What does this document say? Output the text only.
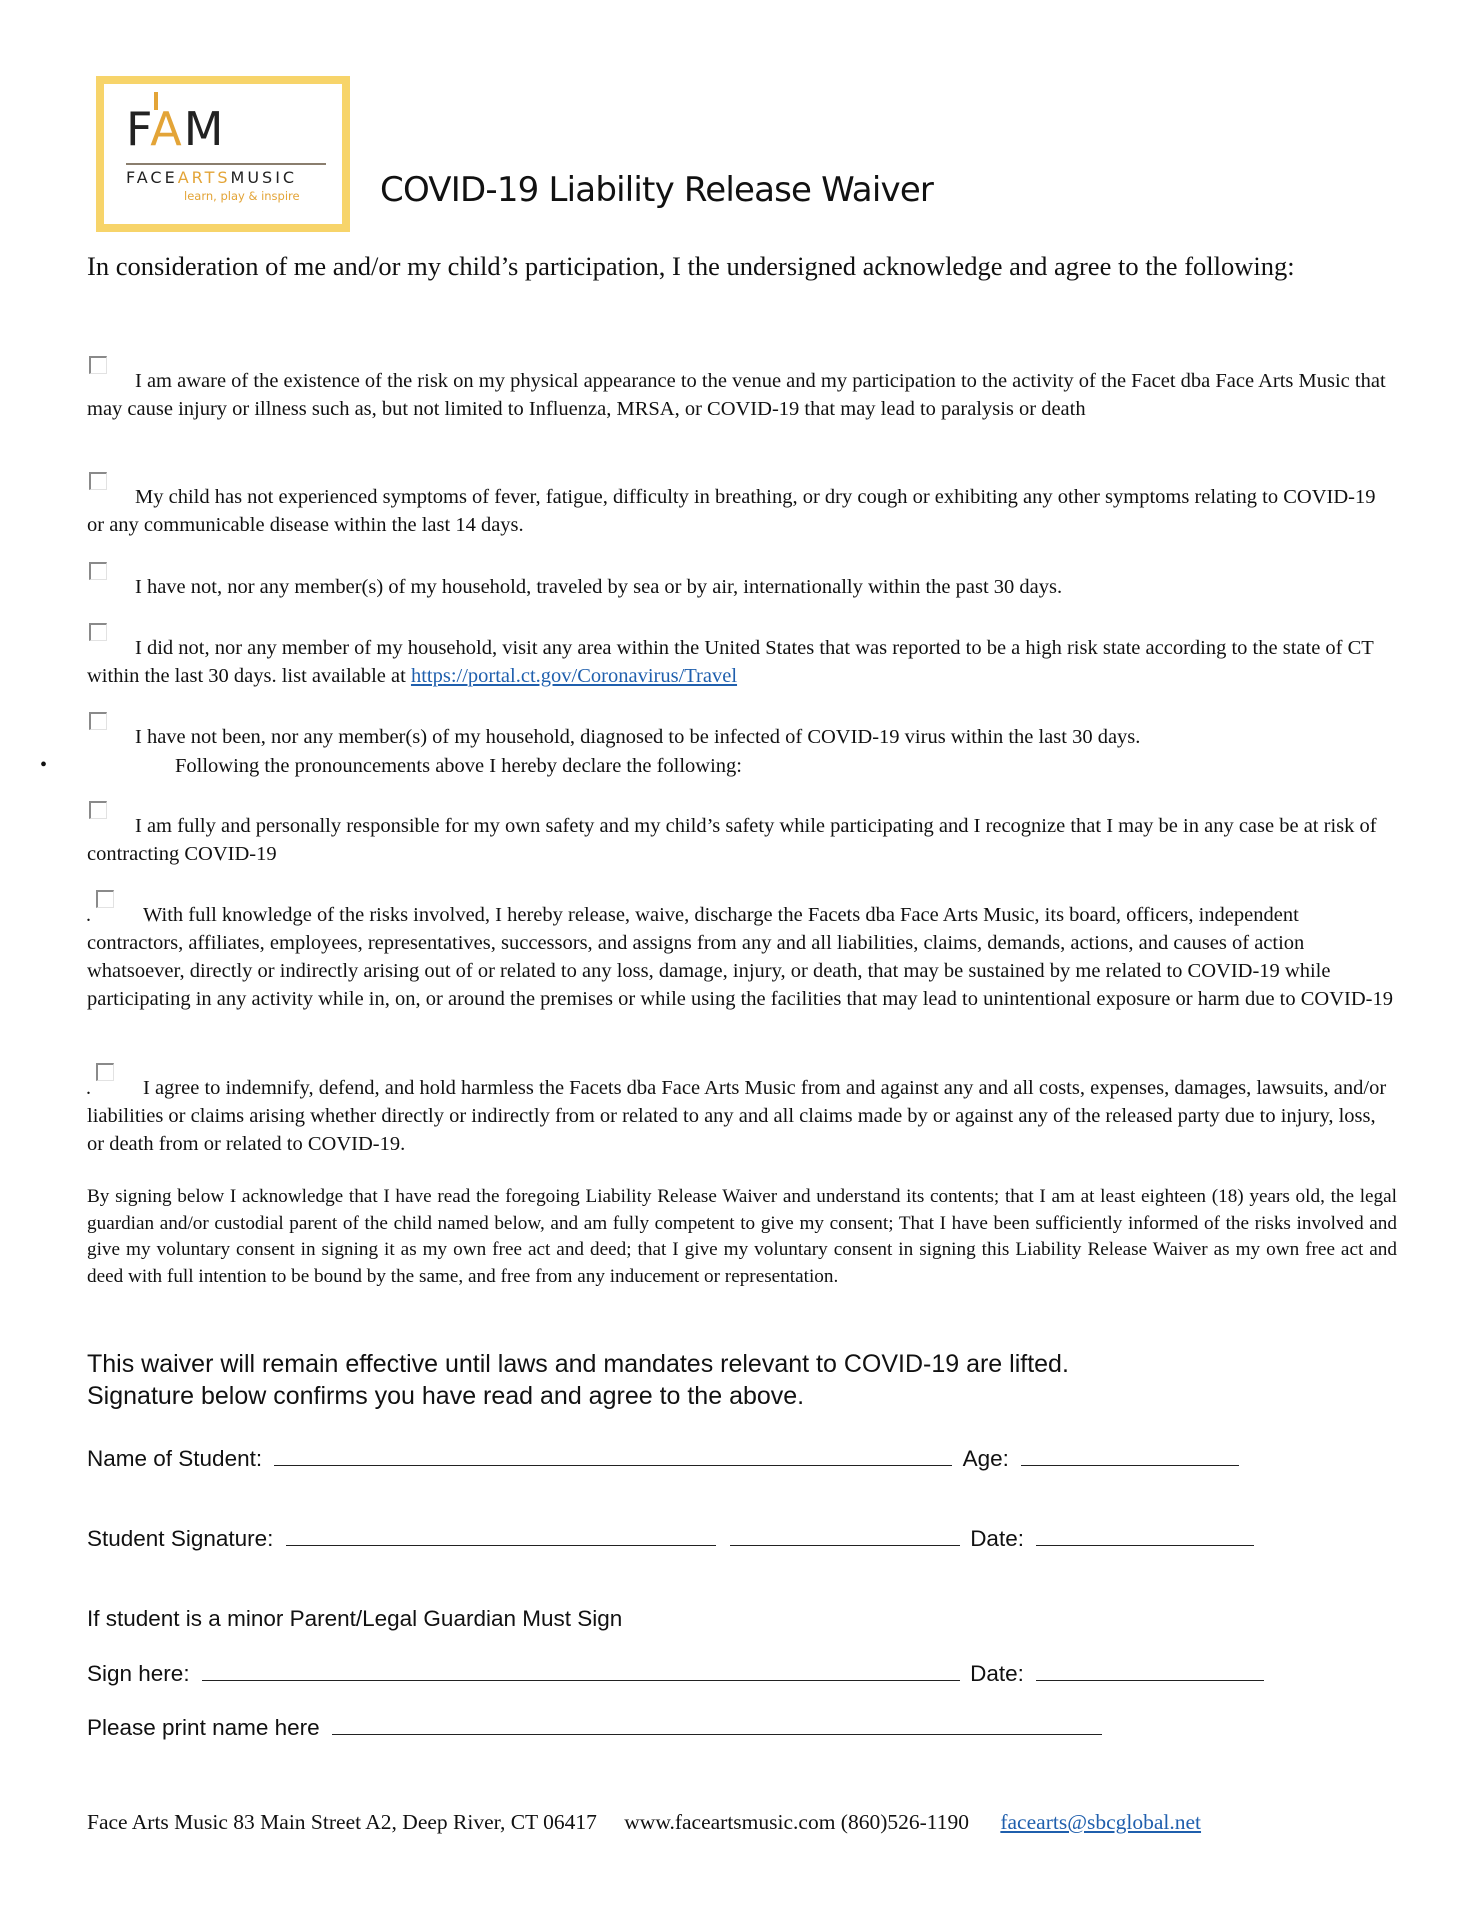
FAM
FACEARTSMUSIC
learn, play & inspire COVID-19 Liability Release Waiver
In consideration of me and/or my child’s participation, I the undersigned acknowledge and agree to the following:

I am aware of the existence of the risk on my physical appearance to the venue and my participation to the activity of the Facet dba Face Arts Music that may cause injury or illness such as, but not limited to Influenza, MRSA, or COVID-19 that may lead to paralysis or death

My child has not experienced symptoms of fever, fatigue, difficulty in breathing, or dry cough or exhibiting any other symptoms relating to COVID-19 or any communicable disease within the last 14 days.

I have not, nor any member(s) of my household, traveled by sea or by air, internationally within the past 30 days.

I did not, nor any member of my household, visit any area within the United States that was reported to be a high risk state according to the state of CT within the last 30 days. list available at https://portal.ct.gov/Coronavirus/Travel

I have not been, nor any member(s) of my household, diagnosed to be infected of COVID-19 virus within the last 30 days.

•	Following the pronouncements above I hereby declare the following:

I am fully and personally responsible for my own safety and my child’s safety while participating and I recognize that I may be in any case be at risk of contracting COVID-19

.	With full knowledge of the risks involved, I hereby release, waive, discharge the Facets dba Face Arts Music, its board, officers, independent contractors, affiliates, employees, representatives, successors, and assigns from any and all liabilities, claims, demands, actions, and causes of action whatsoever, directly or indirectly arising out of or related to any loss, damage, injury, or death, that may be sustained by me related to COVID-19 while participating in any activity while in, on, or around the premises or while using the facilities that may lead to unintentional exposure or harm due to COVID-19

.	I agree to indemnify, defend, and hold harmless the Facets dba Face Arts Music from and against any and all costs, expenses, damages, lawsuits, and/or liabilities or claims arising whether directly or indirectly from or related to any and all claims made by or against any of the released party due to injury, loss, or death from or related to COVID-19.

By signing below I acknowledge that I have read the foregoing Liability Release Waiver and understand its contents; that I am at least eighteen (18) years old, the legal guardian and/or custodial parent of the child named below, and am fully competent to give my consent; That I have been sufficiently informed of the risks involved and give my voluntary consent in signing it as my own free act and deed; that I give my voluntary consent in signing this Liability Release Waiver as my own free act and deed with full intention to be bound by the same, and free from any inducement or representation.
This waiver will remain effective until laws and mandates relevant to COVID-19 are lifted.
Signature below confirms you have read and agree to the above.
Name of Student:	Age:
Student Signature:	Date:
If student is a minor Parent/Legal Guardian Must Sign
Sign here:	Date:
Please print name here
Face Arts Music 83 Main Street A2, Deep River, CT 06417 www.faceartsmusic.com (860)526-1190 facearts@sbcglobal.net
